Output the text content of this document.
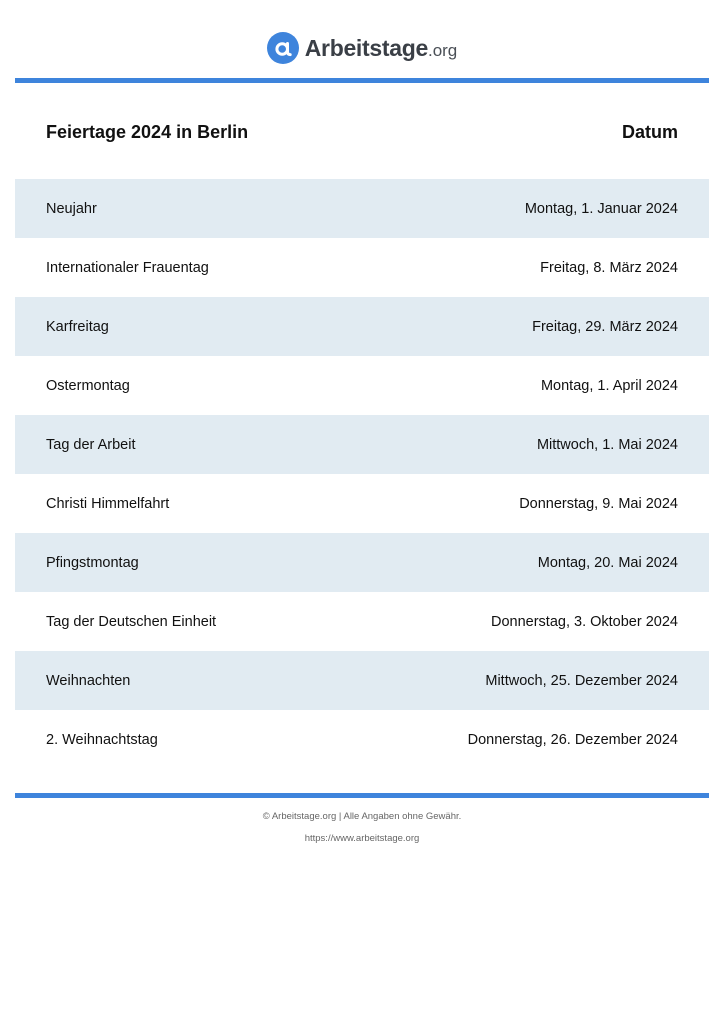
Arbeitstage .org
Feiertage 2024 in Berlin	Datum
Neujahr	Montag, 1. Januar 2024
Internationaler Frauentag	Freitag, 8. März 2024
Karfreitag	Freitag, 29. März 2024
Ostermontag	Montag, 1. April 2024
Tag der Arbeit	Mittwoch, 1. Mai 2024
Christi Himmelfahrt	Donnerstag, 9. Mai 2024
Pfingstmontag	Montag, 20. Mai 2024
Tag der Deutschen Einheit	Donnerstag, 3. Oktober 2024
Weihnachten	Mittwoch, 25. Dezember 2024
2. Weihnachtstag	Donnerstag, 26. Dezember 2024
© Arbeitstage.org | Alle Angaben ohne Gewähr.
https://www.arbeitstage.org
